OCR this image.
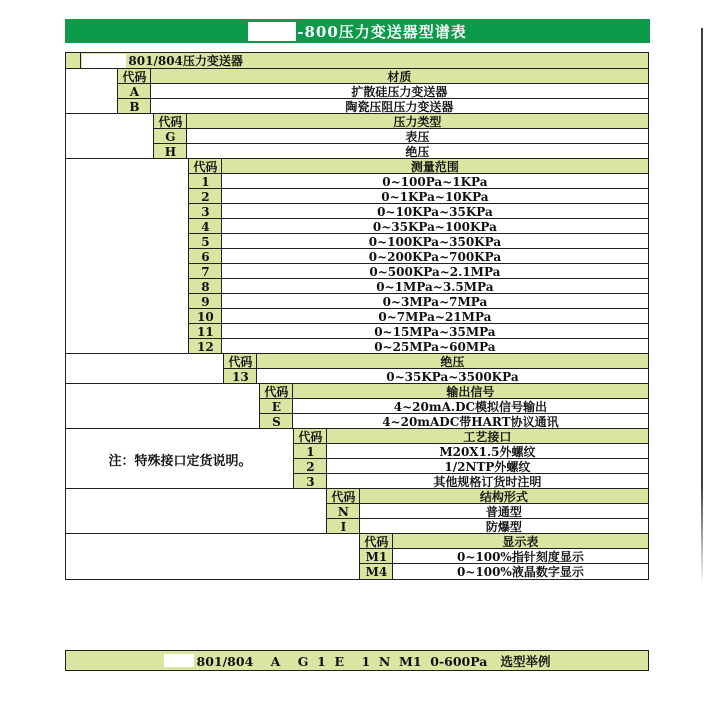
-800压力变送器型谱表
801/804压力变送器
代码	材质
A	扩散硅压力变送器
B	陶瓷压阻压力变送器
代码	压力类型
G	表压
H	绝压
代码	测量范围
1	0~100Pa~1KPa
2	0~1KPa~10KPa
3	0~10KPa~35KPa
4	0~35KPa~100KPa
5	0~100KPa~350KPa
6	0~200KPa~700KPa
7	0~500KPa~2.1MPa
8	0~1MPa~3.5MPa
9	0~3MPa~7MPa
10	0~7MPa~21MPa
11	0~15MPa~35MPa
12	0~25MPa~60MPa
代码	绝压
13	0~35KPa~3500KPa
代码	输出信号
E	4~20mA.DC模拟信号输出
S	4~20mADC带HART协议通讯
注：特殊接口定货说明。
代码	工艺接口
1	M20X1.5外螺纹
2	1/2NTP外螺纹
3	其他规格订货时注明
代码	结构形式
N	普通型
I	防爆型
代码	显示表
M1	0~100%指针刻度显示
M4	0~100%液晶数字显示
801/804    A    G  1  E    1  N  M1  0-600Pa   选型举例
